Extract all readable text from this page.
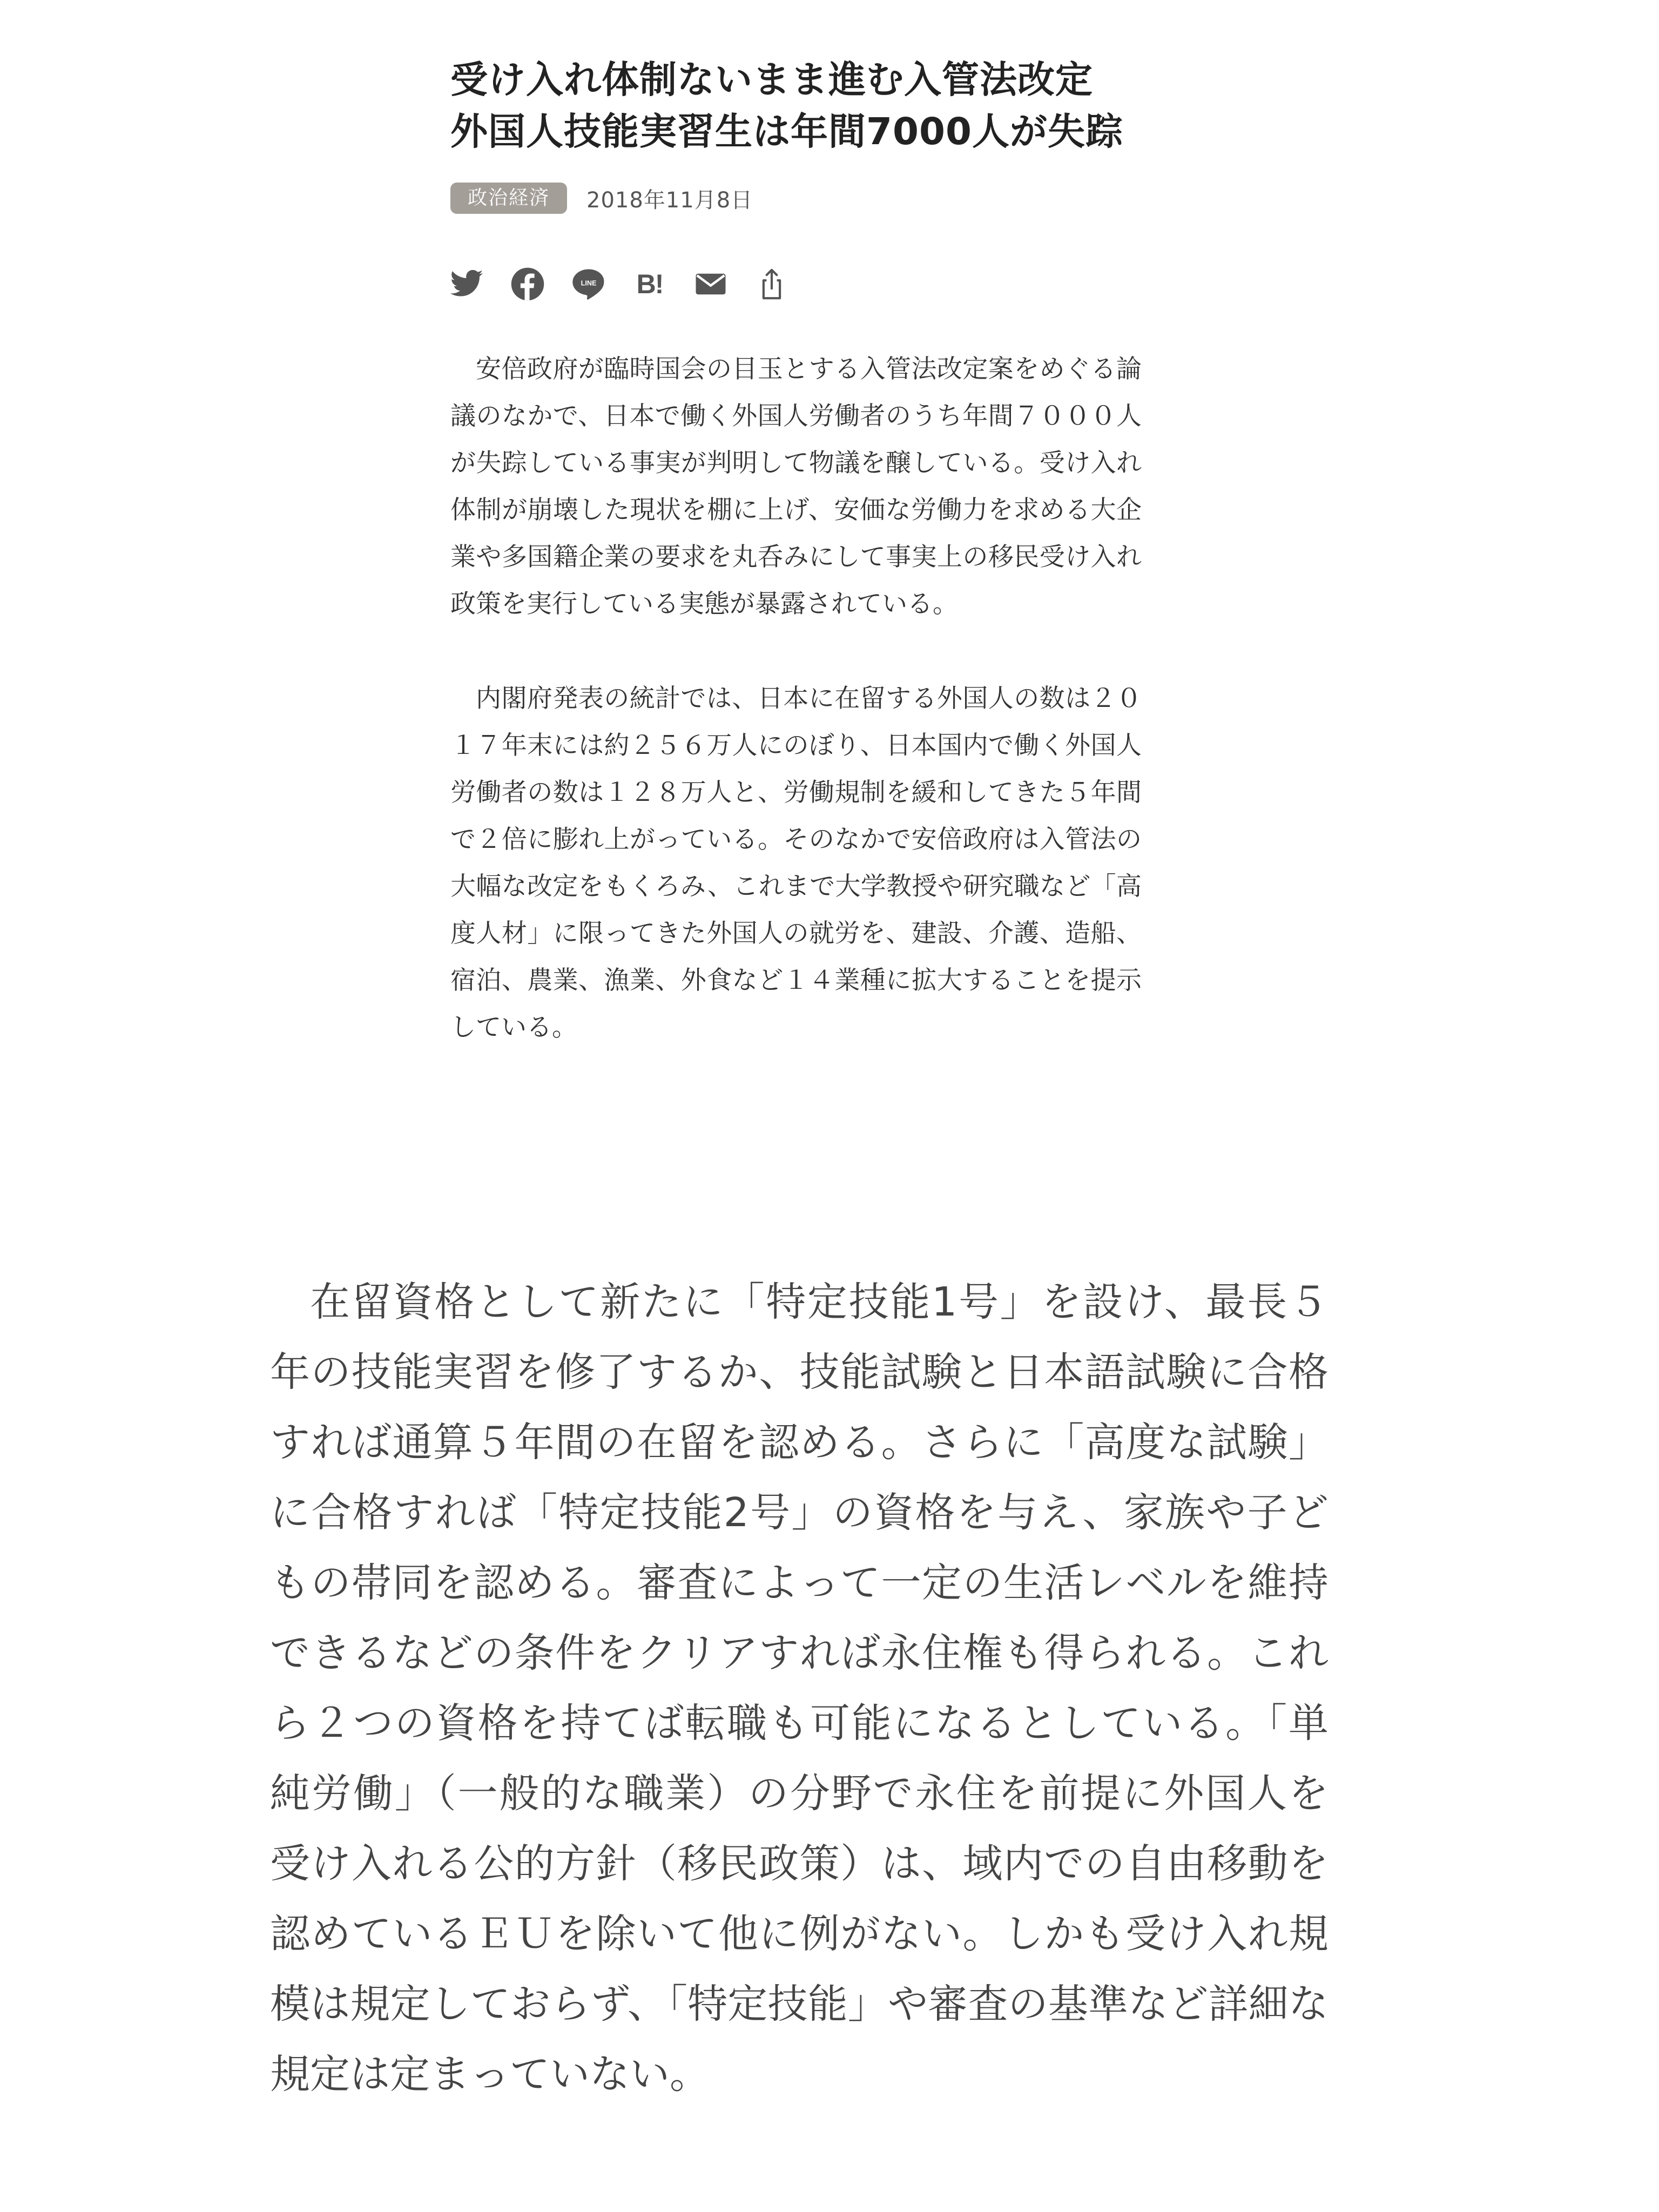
受け入れ体制ないまま進む入管法改定　外国人技能実習生は年間7000人が失踪
政治経済	2018年11月8日
LINE B!

安倍政府が臨時国会の目玉とする入管法改定案をめぐる論議のなかで、日本で働く外国人労働者のうち年間７０００人が失踪している事実が判明して物議を醸している。受け入れ体制が崩壊した現状を棚に上げ、安価な労働力を求める大企業や多国籍企業の要求を丸呑みにして事実上の移民受け入れ政策を実行している実態が暴露されている。

内閣府発表の統計では、日本に在留する外国人の数は２０１７年末には約２５６万人にのぼり、日本国内で働く外国人労働者の数は１２８万人と、労働規制を緩和してきた５年間で２倍に膨れ上がっている。そのなかで安倍政府は入管法の大幅な改定をもくろみ、これまで大学教授や研究職など「高度人材」に限ってきた外国人の就労を、建設、介護、造船、宿泊、農業、漁業、外食など１４業種に拡大することを提示している。

在留資格として新たに「特定技能1号」を設け、最長５年の技能実習を修了するか、技能試験と日本語試験に合格すれば通算５年間の在留を認める。さらに「高度な試験」に合格すれば「特定技能2号」の資格を与え、家族や子どもの帯同を認める。審査によって一定の生活レベルを維持できるなどの条件をクリアすれば永住権も得られる。これら２つの資格を持てば転職も可能になるとしている。「単純労働」（一般的な職業）の分野で永住を前提に外国人を受け入れる公的方針（移民政策）は、域内での自由移動を認めているＥＵを除いて他に例がない。しかも受け入れ規模は規定しておらず、「特定技能」や審査の基準など詳細な規定は定まっていない。
